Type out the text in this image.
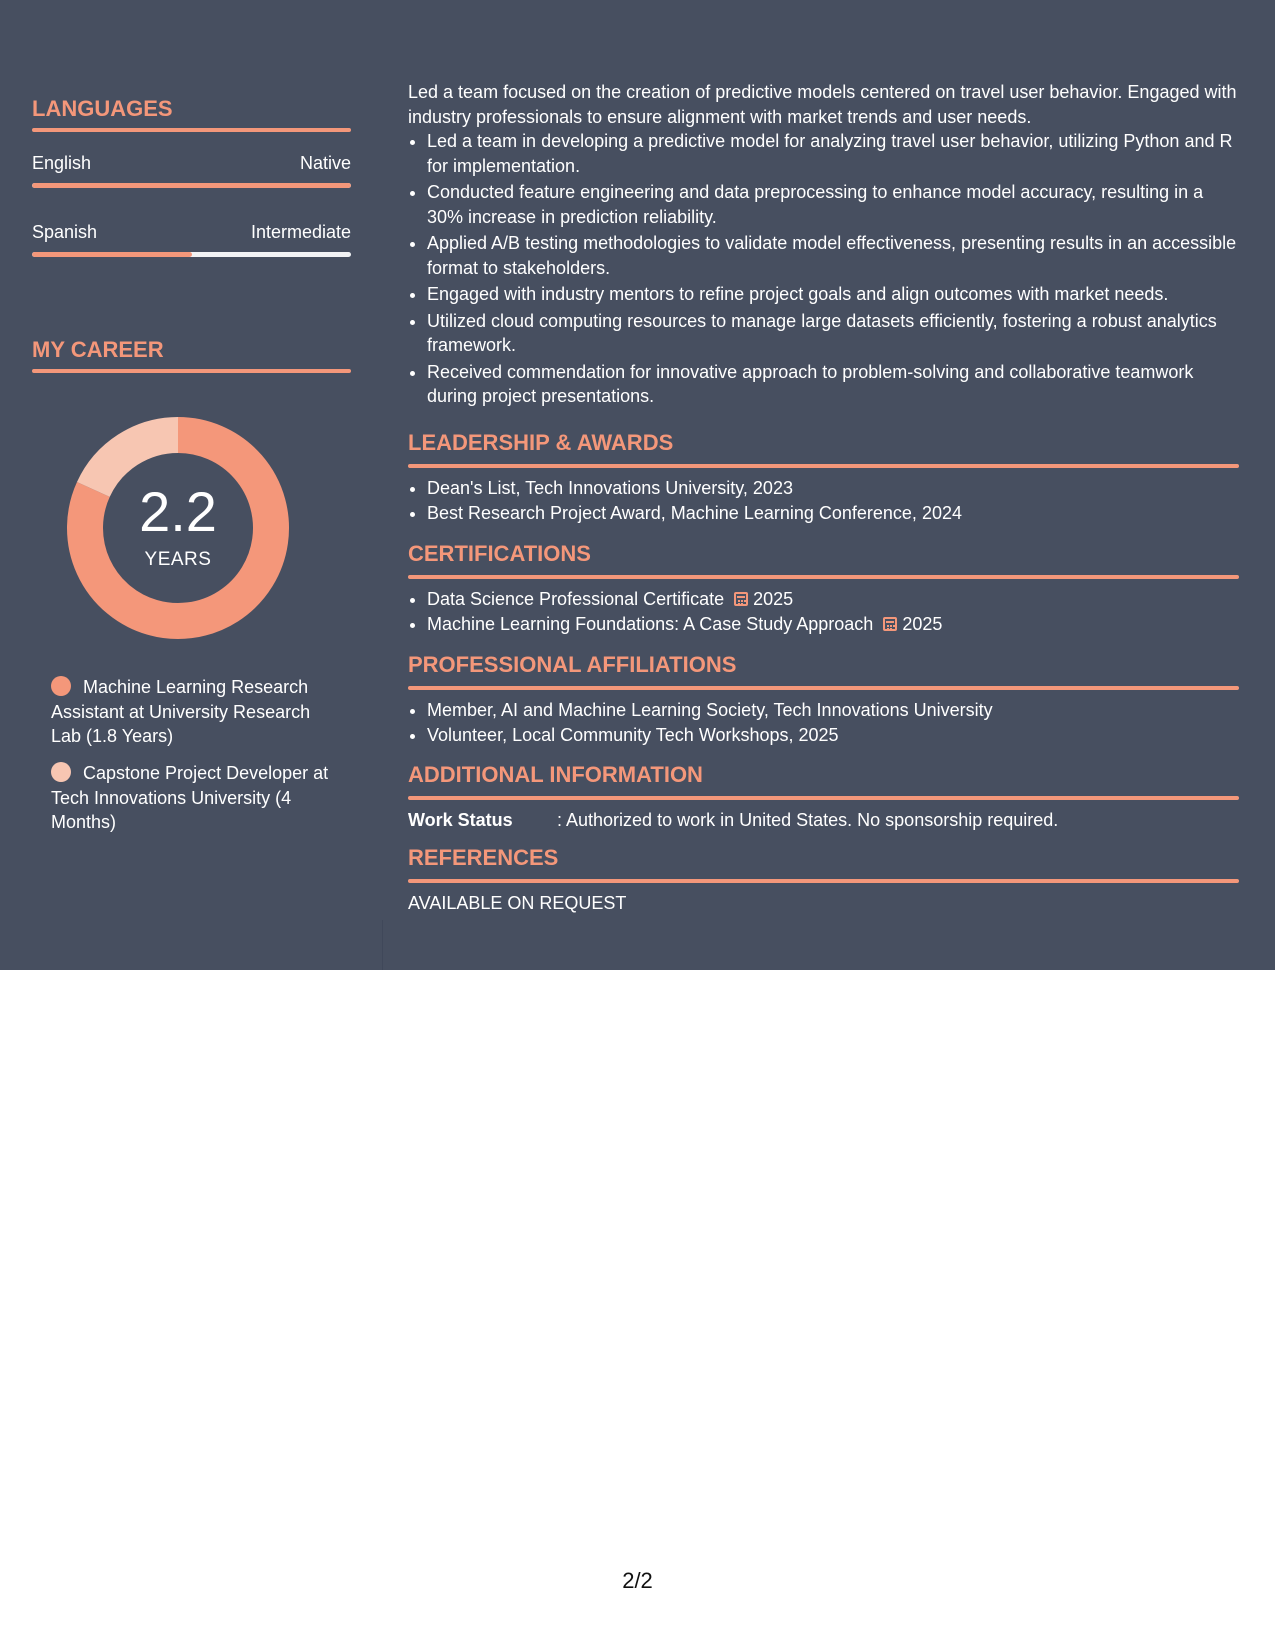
LANGUAGES
English	Native
Spanish	Intermediate
MY CAREER
2.2
YEARS
Machine Learning Research Assistant at University Research Lab (1.8 Years)
Capstone Project Developer at Tech Innovations University (4 Months)

Led a team focused on the creation of predictive models centered on travel user behavior. Engaged with industry professionals to ensure alignment with market trends and user needs.

• Led a team in developing a predictive model for analyzing travel user behavior, utilizing Python and R for implementation.
• Conducted feature engineering and data preprocessing to enhance model accuracy, resulting in a 30% increase in prediction reliability.
• Applied A/B testing methodologies to validate model effectiveness, presenting results in an accessible format to stakeholders.
• Engaged with industry mentors to refine project goals and align outcomes with market needs.
• Utilized cloud computing resources to manage large datasets efficiently, fostering a robust analytics framework.
• Received commendation for innovative approach to problem-solving and collaborative teamwork during project presentations.
LEADERSHIP & AWARDS
• Dean's List, Tech Innovations University, 2023
• Best Research Project Award, Machine Learning Conference, 2024
CERTIFICATIONS
• Data Science Professional Certificate 2025
• Machine Learning Foundations: A Case Study Approach 2025
PROFESSIONAL AFFILIATIONS
• Member, AI and Machine Learning Society, Tech Innovations University
• Volunteer, Local Community Tech Workshops, 2025
ADDITIONAL INFORMATION
Work Status : Authorized to work in United States. No sponsorship required.
REFERENCES
AVAILABLE ON REQUEST
2/2
